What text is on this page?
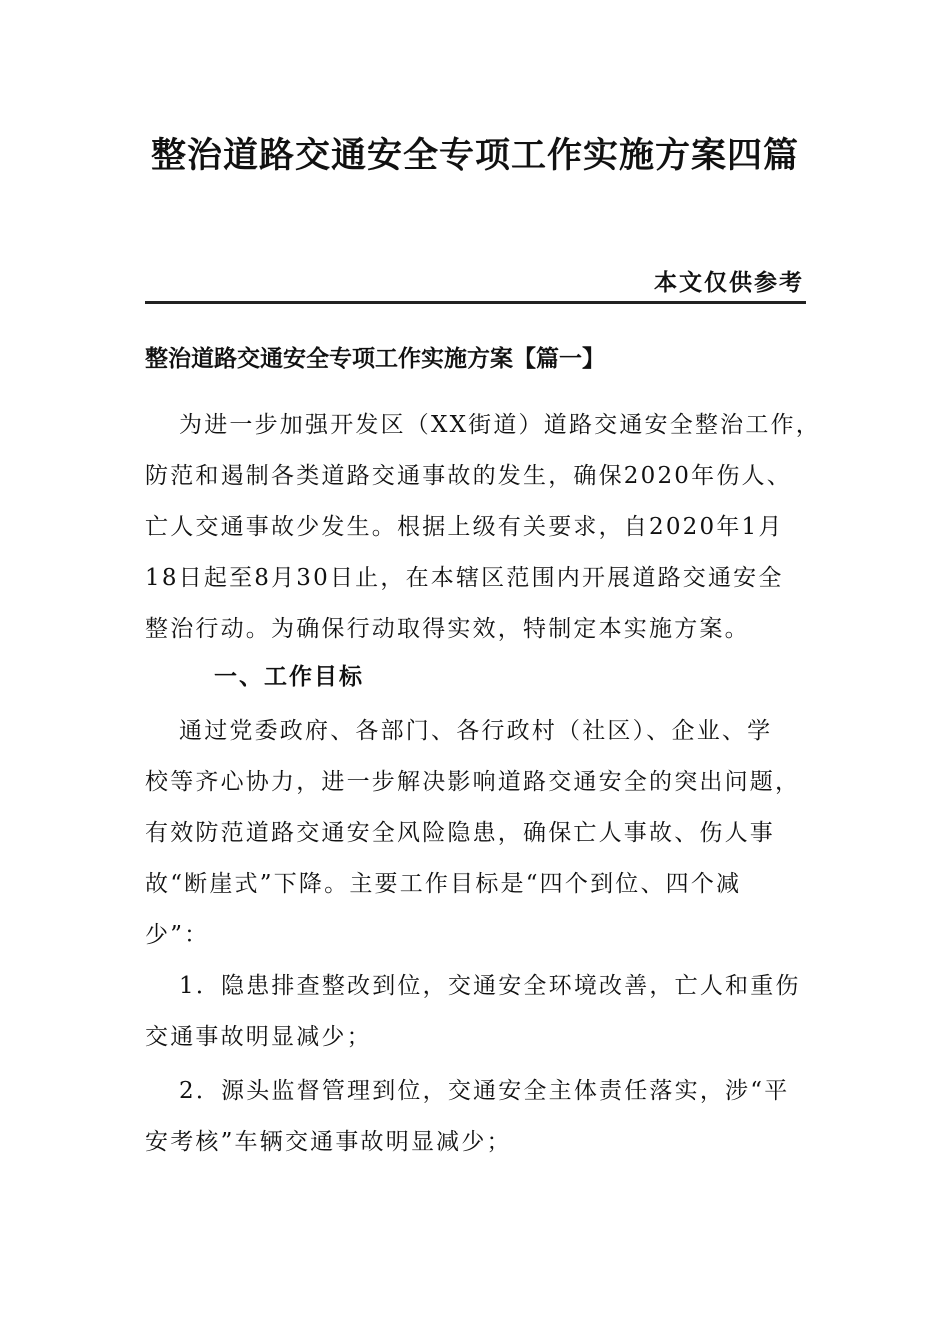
整治道路交通安全专项工作实施方案四篇
本文仅供参考
整治道路交通安全专项工作实施方案【篇一】
为进一步加强开发区（XX街道）道路交通安全整治工作，
防范和遏制各类道路交通事故的发生，确保2020年伤人、
亡人交通事故少发生。根据上级有关要求，自2020年1月
18日起至8月30日止，在本辖区范围内开展道路交通安全
整治行动。为确保行动取得实效，特制定本实施方案。
一、工作目标
通过党委政府、各部门、各行政村（社区）、企业、学
校等齐心协力，进一步解决影响道路交通安全的突出问题，
有效防范道路交通安全风险隐患，确保亡人事故、伤人事
故“断崖式”下降。主要工作目标是“四个到位、四个减
少”：
1．隐患排查整改到位，交通安全环境改善，亡人和重伤
交通事故明显减少；
2．源头监督管理到位，交通安全主体责任落实，涉“平
安考核”车辆交通事故明显减少；
